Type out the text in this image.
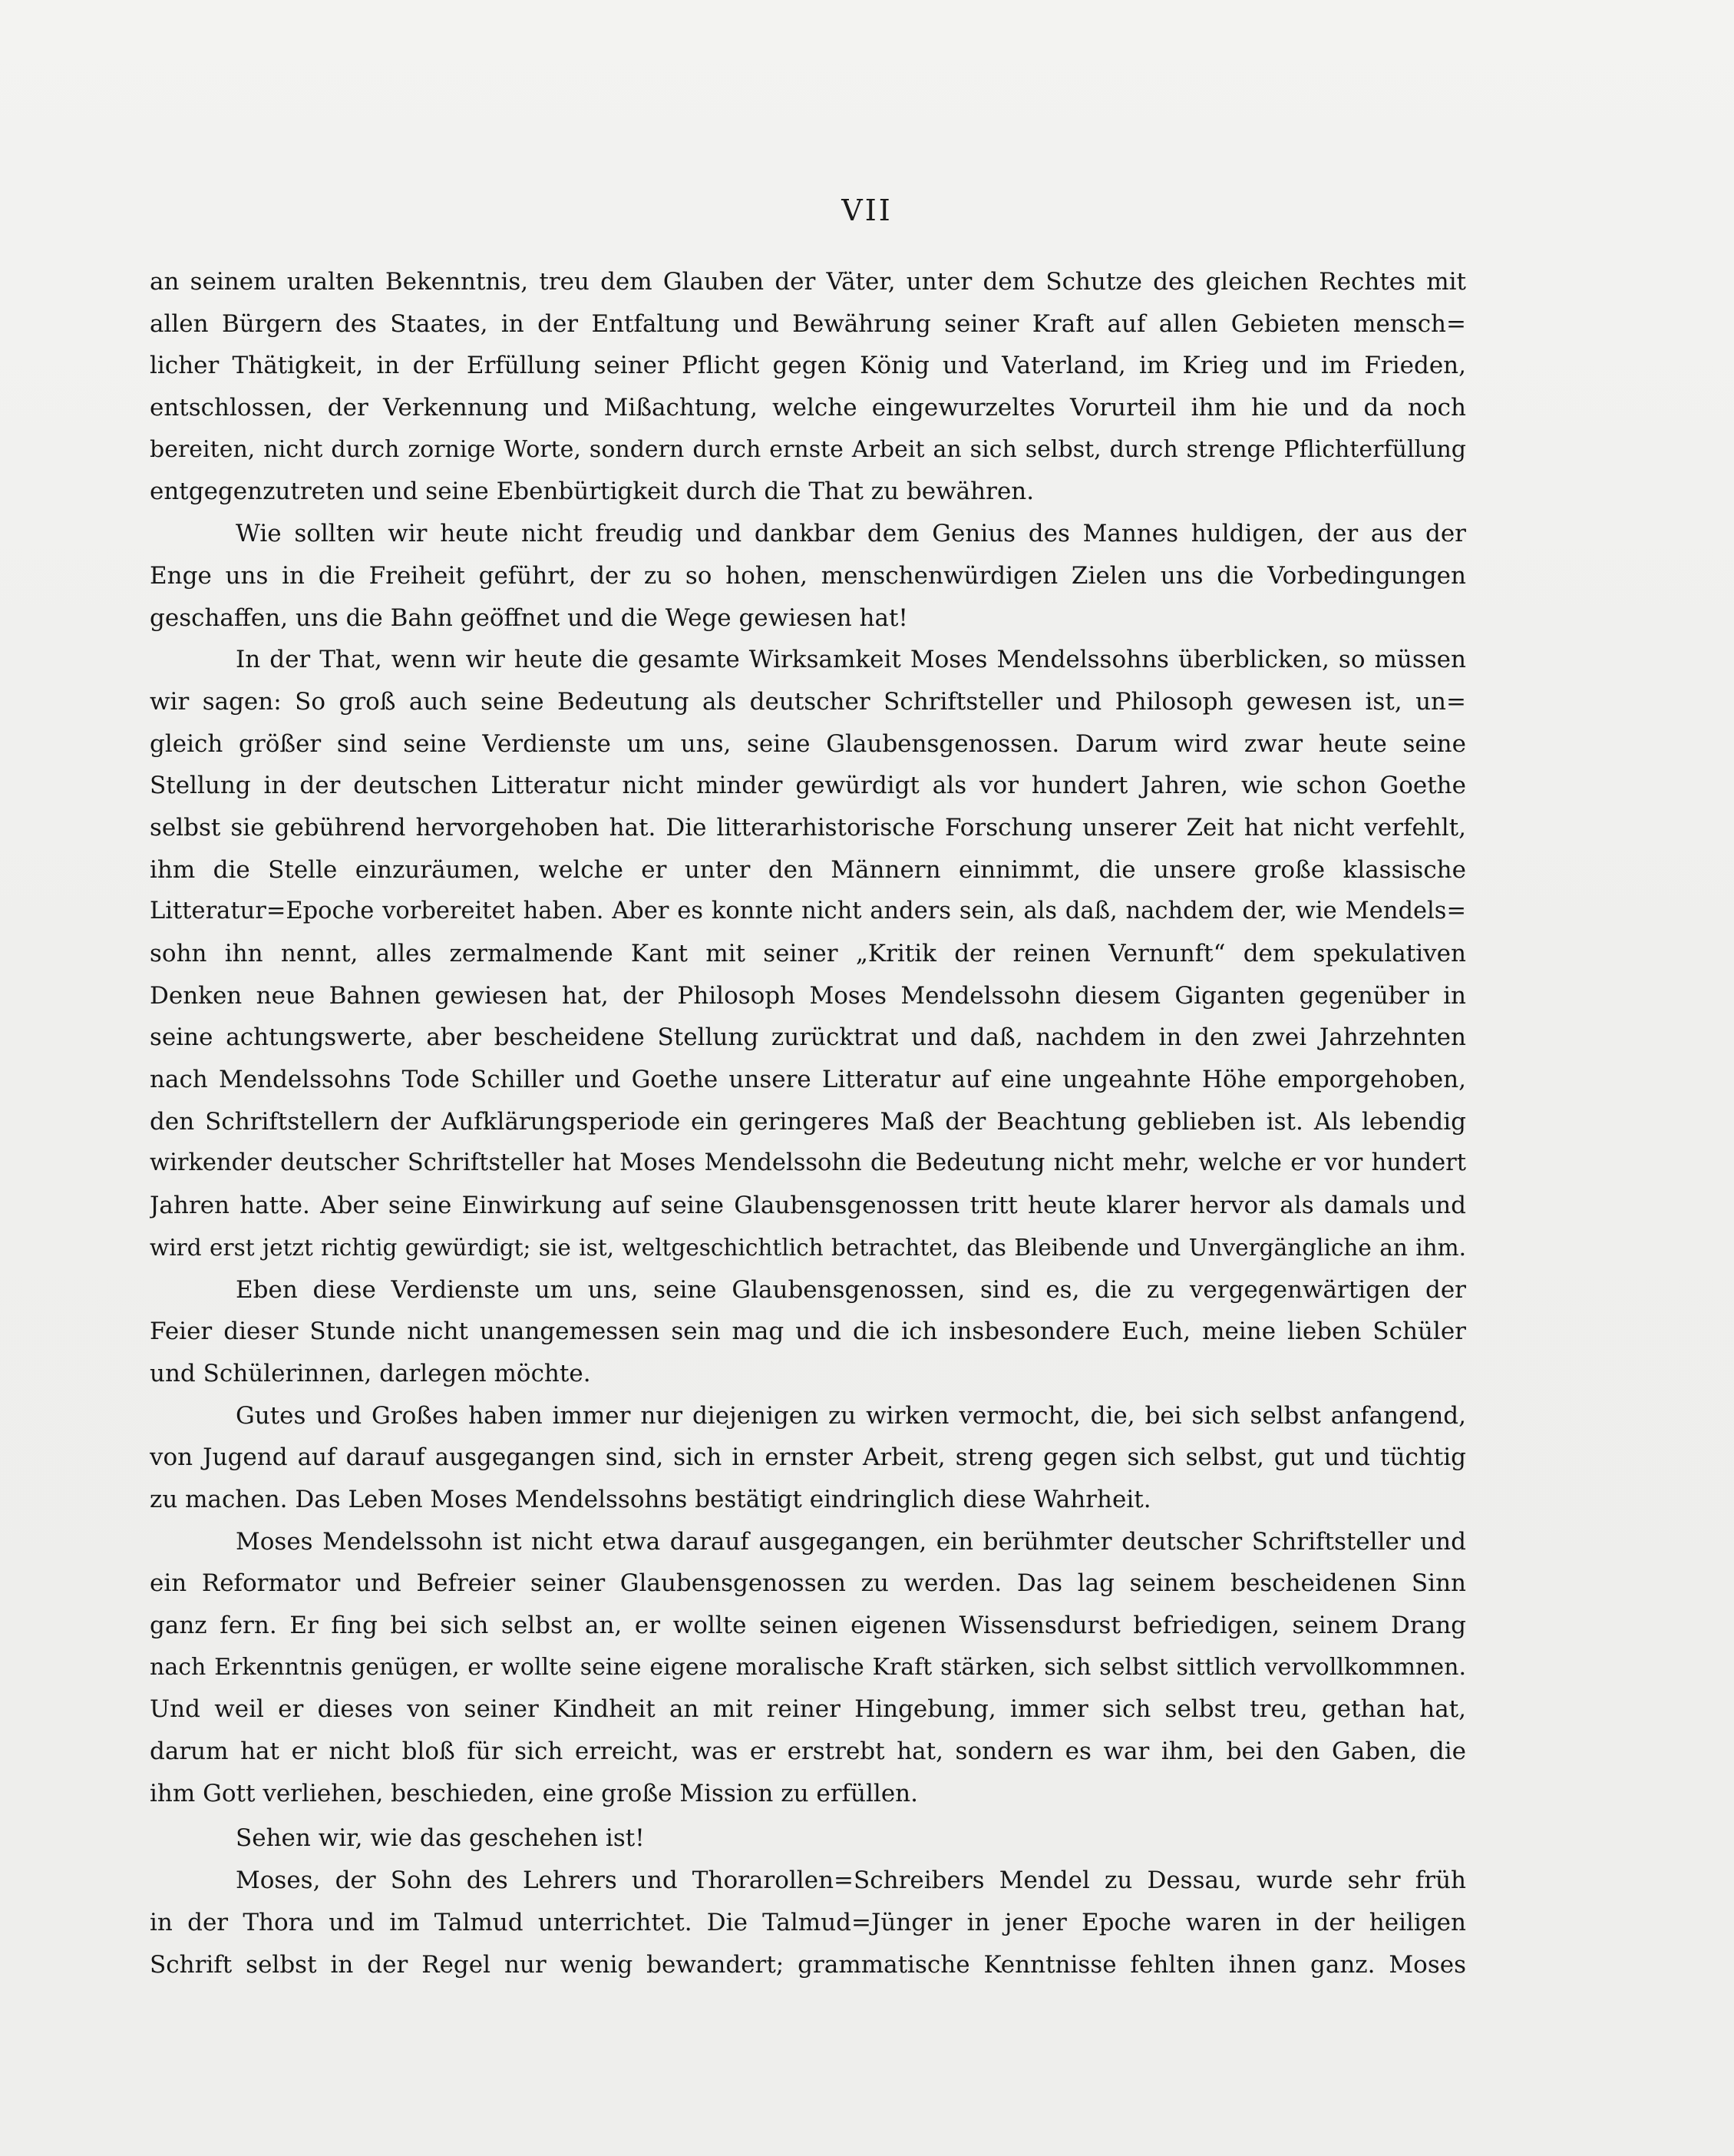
VII
an seinem uralten Bekenntnis, treu dem Glauben der Väter, unter dem Schutze des gleichen Rechtes mit
allen Bürgern des Staates, in der Entfaltung und Bewährung seiner Kraft auf allen Gebieten mensch=
licher Thätigkeit, in der Erfüllung seiner Pflicht gegen König und Vaterland, im Krieg und im Frieden,
entschlossen, der Verkennung und Mißachtung, welche eingewurzeltes Vorurteil ihm hie und da noch
bereiten, nicht durch zornige Worte, sondern durch ernste Arbeit an sich selbst, durch strenge Pflichterfüllung
entgegenzutreten und seine Ebenbürtigkeit durch die That zu bewähren.
Wie sollten wir heute nicht freudig und dankbar dem Genius des Mannes huldigen, der aus der
Enge uns in die Freiheit geführt, der zu so hohen, menschenwürdigen Zielen uns die Vorbedingungen
geschaffen, uns die Bahn geöffnet und die Wege gewiesen hat!
In der That, wenn wir heute die gesamte Wirksamkeit Moses Mendelssohns überblicken, so müssen
wir sagen: So groß auch seine Bedeutung als deutscher Schriftsteller und Philosoph gewesen ist, un=
gleich größer sind seine Verdienste um uns, seine Glaubensgenossen. Darum wird zwar heute seine
Stellung in der deutschen Litteratur nicht minder gewürdigt als vor hundert Jahren, wie schon Goethe
selbst sie gebührend hervorgehoben hat. Die litterarhistorische Forschung unserer Zeit hat nicht verfehlt,
ihm die Stelle einzuräumen, welche er unter den Männern einnimmt, die unsere große klassische
Litteratur=Epoche vorbereitet haben. Aber es konnte nicht anders sein, als daß, nachdem der, wie Mendels=
sohn ihn nennt, alles zermalmende Kant mit seiner „Kritik der reinen Vernunft“ dem spekulativen
Denken neue Bahnen gewiesen hat, der Philosoph Moses Mendelssohn diesem Giganten gegenüber in
seine achtungswerte, aber bescheidene Stellung zurücktrat und daß, nachdem in den zwei Jahrzehnten
nach Mendelssohns Tode Schiller und Goethe unsere Litteratur auf eine ungeahnte Höhe emporgehoben,
den Schriftstellern der Aufklärungsperiode ein geringeres Maß der Beachtung geblieben ist. Als lebendig
wirkender deutscher Schriftsteller hat Moses Mendelssohn die Bedeutung nicht mehr, welche er vor hundert
Jahren hatte. Aber seine Einwirkung auf seine Glaubensgenossen tritt heute klarer hervor als damals und
wird erst jetzt richtig gewürdigt; sie ist, weltgeschichtlich betrachtet, das Bleibende und Unvergängliche an ihm.
Eben diese Verdienste um uns, seine Glaubensgenossen, sind es, die zu vergegenwärtigen der
Feier dieser Stunde nicht unangemessen sein mag und die ich insbesondere Euch, meine lieben Schüler
und Schülerinnen, darlegen möchte.
Gutes und Großes haben immer nur diejenigen zu wirken vermocht, die, bei sich selbst anfangend,
von Jugend auf darauf ausgegangen sind, sich in ernster Arbeit, streng gegen sich selbst, gut und tüchtig
zu machen. Das Leben Moses Mendelssohns bestätigt eindringlich diese Wahrheit.
Moses Mendelssohn ist nicht etwa darauf ausgegangen, ein berühmter deutscher Schriftsteller und
ein Reformator und Befreier seiner Glaubensgenossen zu werden. Das lag seinem bescheidenen Sinn
ganz fern. Er fing bei sich selbst an, er wollte seinen eigenen Wissensdurst befriedigen, seinem Drang
nach Erkenntnis genügen, er wollte seine eigene moralische Kraft stärken, sich selbst sittlich vervollkommnen.
Und weil er dieses von seiner Kindheit an mit reiner Hingebung, immer sich selbst treu, gethan hat,
darum hat er nicht bloß für sich erreicht, was er erstrebt hat, sondern es war ihm, bei den Gaben, die
ihm Gott verliehen, beschieden, eine große Mission zu erfüllen.
Sehen wir, wie das geschehen ist!
Moses, der Sohn des Lehrers und Thorarollen=Schreibers Mendel zu Dessau, wurde sehr früh
in der Thora und im Talmud unterrichtet. Die Talmud=Jünger in jener Epoche waren in der heiligen
Schrift selbst in der Regel nur wenig bewandert; grammatische Kenntnisse fehlten ihnen ganz. Moses
